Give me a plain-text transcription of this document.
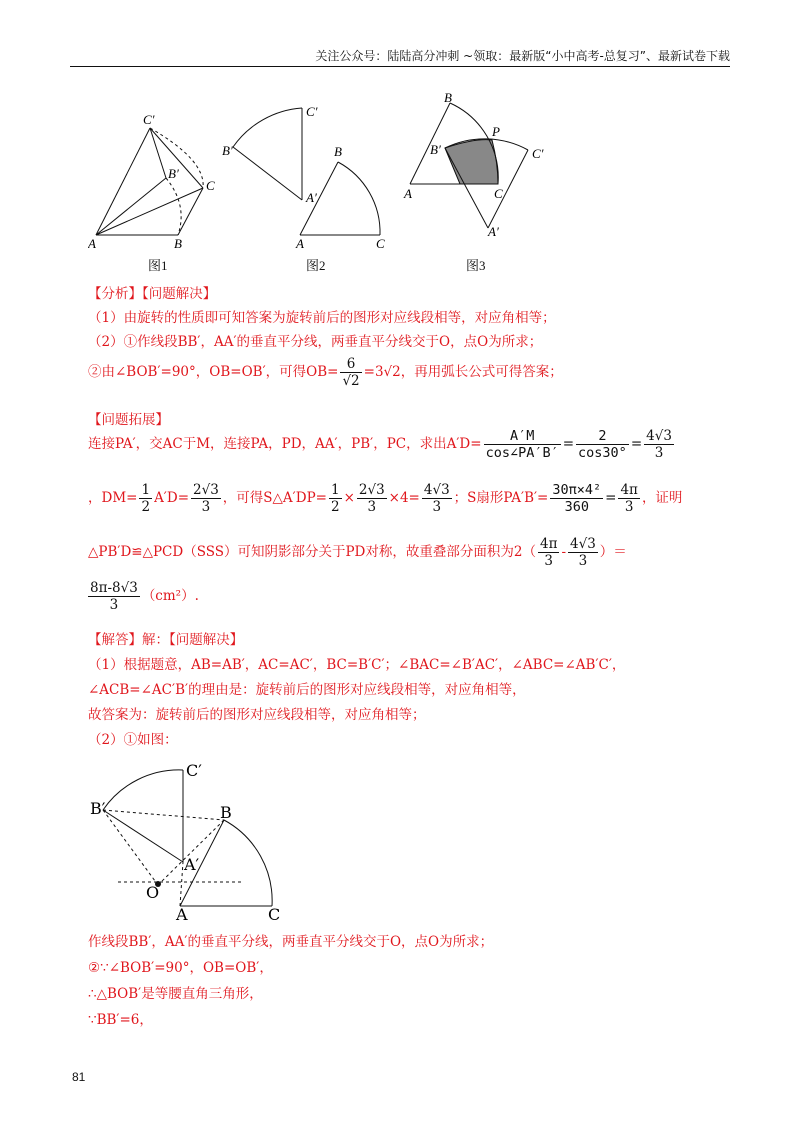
关注公众号：陆陆高分冲刺 ~领取：最新版“小中高考-总复习”、最新试卷下载
A	B
C
B′
C′
图1
C′
B′
A′
B
A	C
图2
B
P
B′	C′
A	C
A′
图3
【分析】【问题解决】
（1）由旋转的性质即可知答案为旋转前后的图形对应线段相等，对应角相等；
（2）①作线段BB′，AA′的垂直平分线，两垂直平分线交于O，点O为所求；
②由∠BOB′=90°，OB=OB′，可得$OB= \frac{6}{√2} =3√2$，再用弧长公式可得答案；
【问题拓展】
连接PA′，交AC于M，连接PA，PD，AA′，PB′，PC，求出$A'D= \frac{A'M}{\cos\angle PA'B'} = \frac{2}{\cos 30^\circ} = \frac{4√3}{3}$
，$DM= \frac{1}{2} A'D= \frac{2√3}{3}$ ，可得S△A′DP= $\frac{1}{2} \times \frac{2√3}{3} \times 4= \frac{4√3}{3}$ ；S扇形$PA'B'= \frac{\text{30π×4²}}{360} = \frac{4\pi}{3}$ ，证明
△PB′D≌△PCD（SSS）可知阴影部分关于PD对称，故重叠部分面积为$2( \frac{4\pi}{3} - \frac{4√3}{3}$ ）＝
$\frac{8\pi-8√3}{3} (cm^2)$.
【解答】解：【问题解决】
（1）根据题意，AB=AB′，AC=AC′，BC=B′C′；∠BAC=∠B′AC′，∠ABC=∠AB′C′，
∠ACB=∠AC′B′的理由是：旋转前后的图形对应线段相等，对应角相等，
故答案为：旋转前后的图形对应线段相等，对应角相等；
（2）①如图：
C′
B′	B
A′
O
A	C
作线段BB′，AA′的垂直平分线，两垂直平分线交于O，点O为所求；
②∵∠BOB′=90°，OB=OB′，
∴△BOB′是等腰直角三角形，
∵BB′=6，
81
